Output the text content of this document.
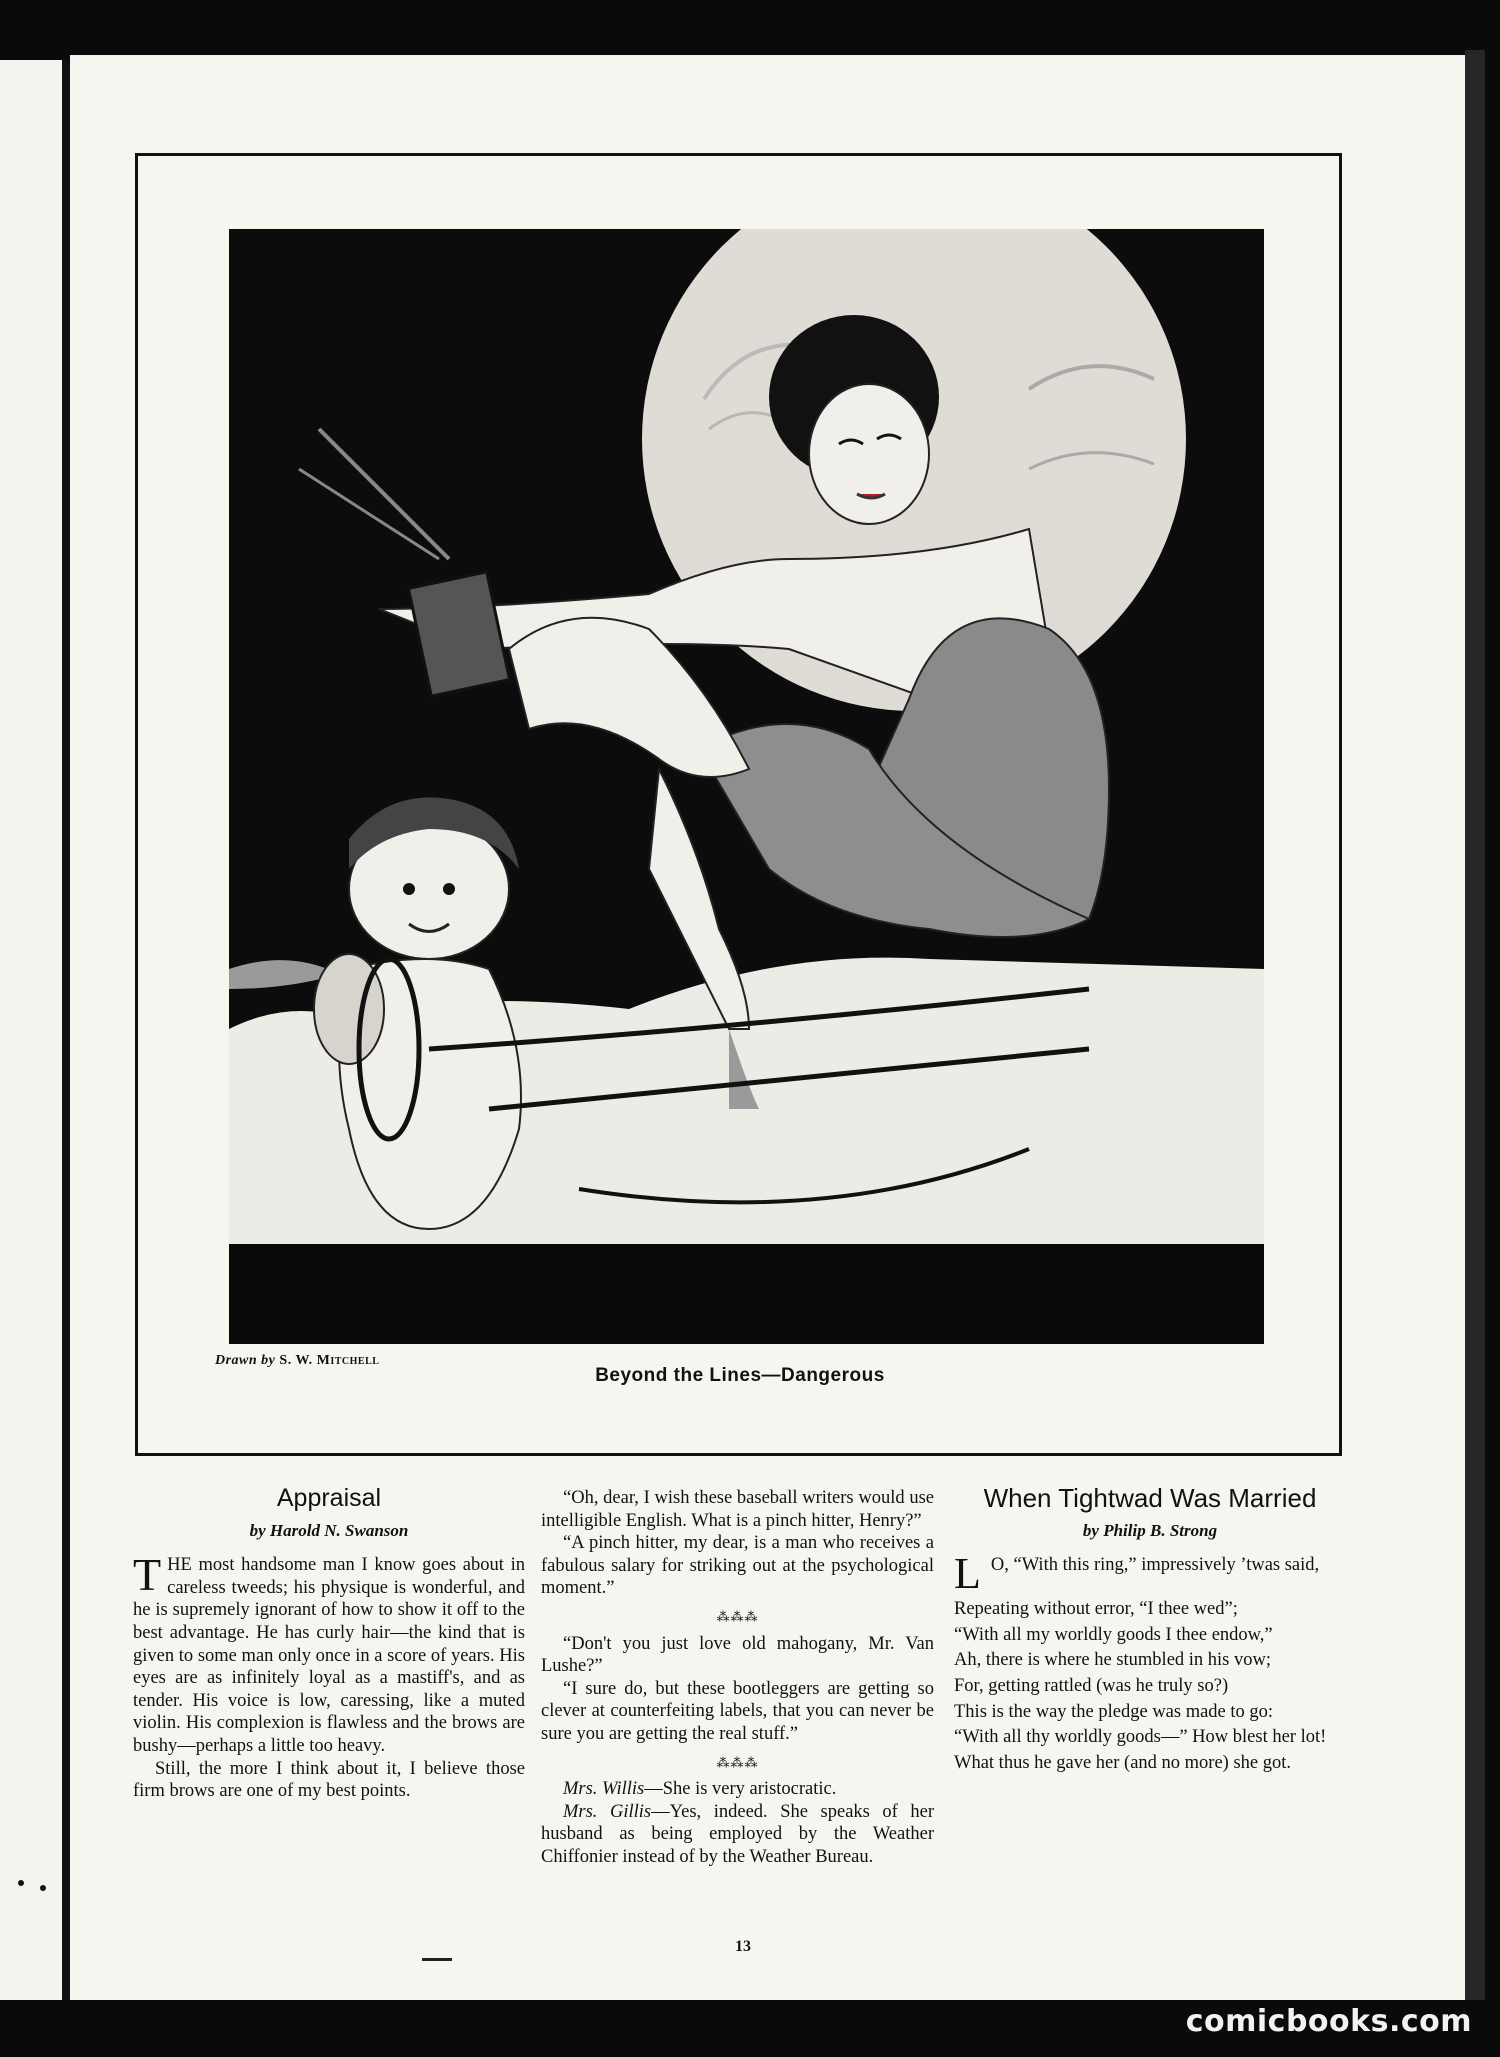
Drawn by S. W. Mitchell
Beyond the Lines—Dangerous
Appraisal
by Harold N. Swanson

THE most handsome man I know goes about in careless tweeds; his physique is wonderful, and he is supremely ignorant of how to show it off to the best advantage. He has curly hair—the kind that is given to some man only once in a score of years. His eyes are as infinitely loyal as a mastiff's, and as tender. His voice is low, caressing, like a muted violin. His complexion is flawless and the brows are bushy—perhaps a little too heavy.

Still, the more I think about it, I believe those firm brows are one of my best points.

“Oh, dear, I wish these baseball writers would use intelligible English. What is a pinch hitter, Henry?”

“A pinch hitter, my dear, is a man who receives a fabulous salary for striking out at the psychological moment.”

⁂⁂⁂

“Don't you just love old mahogany, Mr. Van Lushe?”

“I sure do, but these bootleggers are getting so clever at counterfeiting labels, that you can never be sure you are getting the real stuff.”

⁂⁂⁂

Mrs. Willis—She is very aristocratic.

Mrs. Gillis—Yes, indeed. She speaks of her husband as being employed by the Weather Chiffonier instead of by the Weather Bureau.

When Tightwad Was Married
by Philip B. Strong
L O, “With this ring,” impressively ’twas said,

Repeating without error, “I thee wed”;

“With all my worldly goods I thee endow,”

Ah, there is where he stumbled in his vow;

For, getting rattled (was he truly so?)

This is the way the pledge was made to go:

“With all thy worldly goods—” How blest her lot!

What thus he gave her (and no more) she got.

13
comicbooks.com
